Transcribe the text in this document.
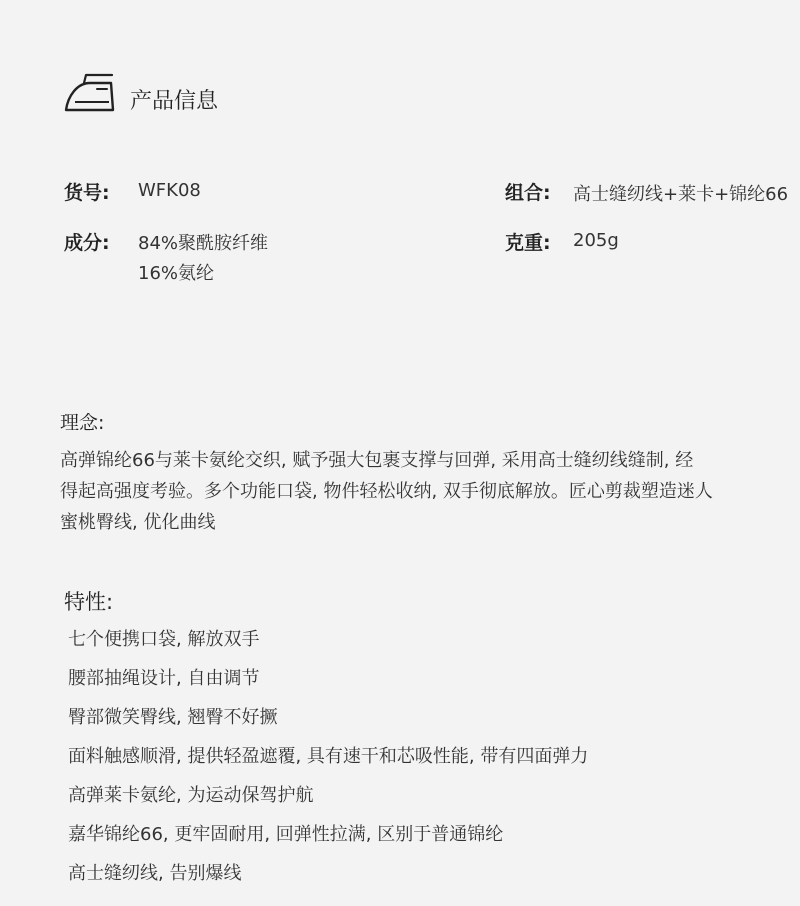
产品信息
货号: WFK08	组合: 高士缝纫线+莱卡+锦纶66
成分: 84%聚酰胺纤维
16%氨纶
克重: 205g
理念:

高弹锦纶66与莱卡氨纶交织, 赋予强大包裹支撑与回弹, 采用高士缝纫线缝制, 经
得起高强度考验。多个功能口袋, 物件轻松收纳, 双手彻底解放。匠心剪裁塑造迷人
蜜桃臀线, 优化曲线

特性:
七个便携口袋, 解放双手
腰部抽绳设计, 自由调节
臀部微笑臀线, 翘臀不好撅
面料触感顺滑, 提供轻盈遮覆, 具有速干和芯吸性能, 带有四面弹力
高弹莱卡氨纶, 为运动保驾护航
嘉华锦纶66, 更牢固耐用, 回弹性拉满, 区别于普通锦纶
高士缝纫线, 告别爆线
